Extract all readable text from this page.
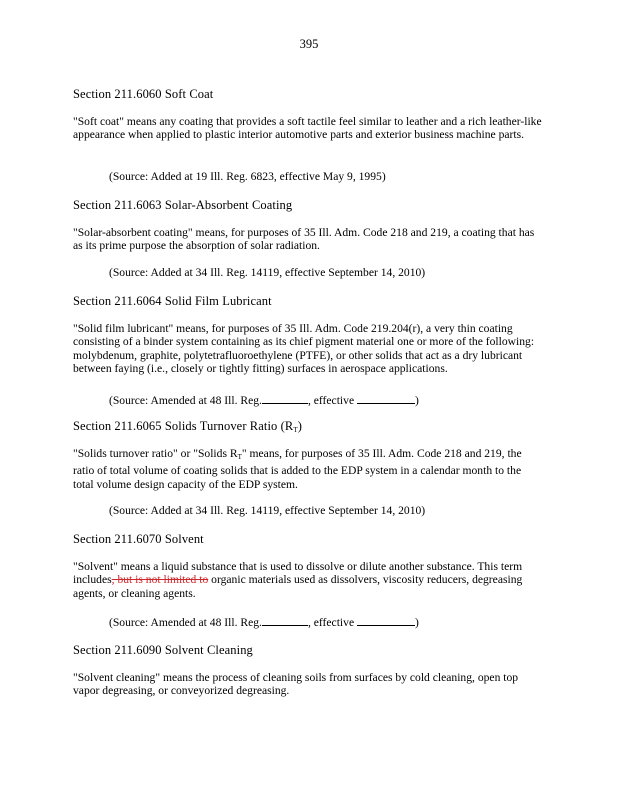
395
Section 211.6060 Soft Coat
"Soft coat" means any coating that provides a soft tactile feel similar to leather and a rich leather-like appearance when applied to plastic interior automotive parts and exterior business machine parts.
(Source: Added at 19 Ill. Reg. 6823, effective May 9, 1995)
Section 211.6063 Solar-Absorbent Coating
"Solar-absorbent coating" means, for purposes of 35 Ill. Adm. Code 218 and 219, a coating that has as its prime purpose the absorption of solar radiation.
(Source: Added at 34 Ill. Reg. 14119, effective September 14, 2010)
Section 211.6064 Solid Film Lubricant
"Solid film lubricant" means, for purposes of 35 Ill. Adm. Code 219.204(r), a very thin coating consisting of a binder system containing as its chief pigment material one or more of the following: molybdenum, graphite, polytetrafluoroethylene (PTFE), or other solids that act as a dry lubricant between faying (i.e., closely or tightly fitting) surfaces in aerospace applications.
(Source: Amended at 48 Ill. Reg.	, effective	)
Section 211.6065 Solids Turnover Ratio $(R_T)$
"Solids turnover ratio" or "Solids $R_T$" means, for purposes of 35 Ill. Adm. Code 218 and 219, the ratio of total volume of coating solids that is added to the EDP system in a calendar month to the total volume design capacity of the EDP system.
(Source: Added at 34 Ill. Reg. 14119, effective September 14, 2010)
Section 211.6070 Solvent
"Solvent" means a liquid substance that is used to dissolve or dilute another substance. This term includes, but is not limited to organic materials used as dissolvers, viscosity reducers, degreasing agents, or cleaning agents.
(Source: Amended at 48 Ill. Reg.	, effective	)
Section 211.6090 Solvent Cleaning
"Solvent cleaning" means the process of cleaning soils from surfaces by cold cleaning, open top vapor degreasing, or conveyorized degreasing.
